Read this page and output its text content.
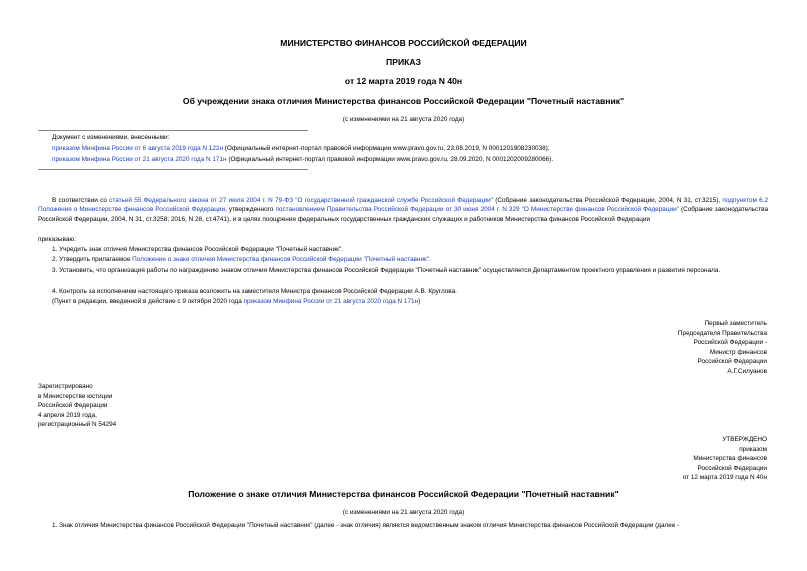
МИНИСТЕРСТВО ФИНАНСОВ РОССИЙСКОЙ ФЕДЕРАЦИИ
ПРИКАЗ
от 12 марта 2019 года N 40н
Об учреждении знака отличия Министерства финансов Российской Федерации "Почетный наставник"
(с изменениями на 21 августа 2020 года)
Документ с изменениями, внесенными:
приказом Минфина России от 6 августа 2019 года N 122н (Официальный интернет-портал правовой информации www.pravo.gov.ru, 23.08.2019, N 0001201908230038);
приказом Минфина России от 21 августа 2020 года N 171н (Официальный интернет-портал правовой информации www.pravo.gov.ru, 28.09.2020, N 0001202009280066).
В соответствии со статьей 55 Федерального закона от 27 июля 2004 г. N 79-ФЗ "О государственной гражданской службе Российской Федерации" (Собрание законодательства Российской Федерации, 2004, N 31, ст.3215), подпунктом 6.2 Положения о Министерстве финансов Российской Федерации, утвержденного постановлением Правительства Российской Федерации от 30 июня 2004 г. N 329 "О Министерстве финансов Российской Федерации" (Собрание законодательства Российской Федерации, 2004, N 31, ст.3258; 2016, N 28, ст.4741), и в целях поощрения федеральных государственных гражданских служащих и работников Министерства финансов Российской Федерации
приказываю:
1. Учредить знак отличия Министерства финансов Российской Федерации "Почетный наставник".
2. Утвердить прилагаемое Положение о знаке отличия Министерства финансов Российской Федерации "Почетный наставник".
3. Установить, что организация работы по награждению знаком отличия Министерства финансов Российской Федерации "Почетный наставник" осуществляется Департаментом проектного управления и развития персонала.
4. Контроль за исполнением настоящего приказа возложить на заместителя Министра финансов Российской Федерации А.В. Круглова.
(Пункт в редакции, введенной в действие с 9 октября 2020 года приказом Минфина России от 21 августа 2020 года N 171н)
Первый заместитель
Председателя Правительства
Российской Федерации -
Министр финансов
Российской Федерации
А.Г.Силуанов
Зарегистрировано
в Министерстве юстиции
Российской Федерации
4 апреля 2019 года,
регистрационный N 54294
УТВЕРЖДЕНО
приказом
Министерства финансов
Российской Федерации
от 12 марта 2019 года N 40н
Положение о знаке отличия Министерства финансов Российской Федерации "Почетный наставник"
(с изменениями на 21 августа 2020 года)
1. Знак отличия Министерства финансов Российской Федерации "Почетный наставник" (далее - знак отличия) является ведомственным знаком отличия Министерства финансов Российской Федерации (далее -
